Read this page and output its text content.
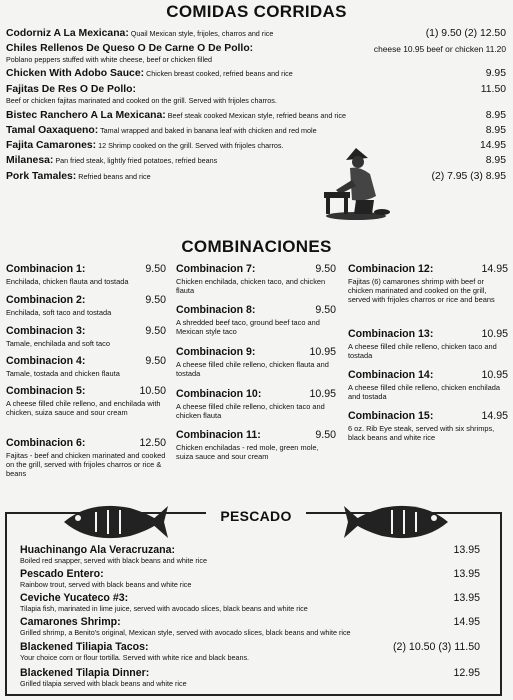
COMIDAS CORRIDAS
Codorniz A La Mexicana: Quail Mexican style, frijoles, charros and rice	(1) 9.50 (2) 12.50
Chiles Rellenos De Queso O De Carne O De Pollo:	cheese 10.95 beef or chicken 11.20
Poblano peppers stuffed with white cheese, beef or chicken filled
Chicken With Adobo Sauce: Chicken breast cooked, refried beans and rice	9.95
Fajitas De Res O De Pollo:	11.50
Beef or chicken fajitas marinated and cooked on the grill. Served with frijoles charros.
Bistec Ranchero A La Mexicana: Beef steak cooked Mexican style, refried beans and rice	8.95
Tamal Oaxaqueno: Tamal wrapped and baked in banana leaf with chicken and red mole	8.95
Fajita Camarones: 12 Shrimp cooked on the grill. Served with frijoles charros.	14.95
Milanesa: Pan fried steak, lightly fried potatoes, refried beans	8.95
Pork Tamales: Refried beans and rice	(2) 7.95 (3) 8.95
COMBINACIONES
Combinacion 1:	9.50
Enchilada, chicken flauta and tostada
Combinacion 2:	9.50
Enchilada, soft taco and tostada
Combinacion 3:	9.50
Tamale, enchilada and soft taco
Combinacion 4:	9.50
Tamale, tostada and chicken flauta
Combinacion 5:	10.50
A cheese filled chile relleno, and enchilada with chicken, suiza sauce and sour cream
Combinacion 6:	12.50
Fajitas - beef and chicken marinated and cooked on the grill, served with frijoles charros or rice & beans
Combinacion 7:	9.50
Chicken enchilada, chicken taco, and chicken flauta
Combinacion 8:	9.50
A shredded beef taco, ground beef taco and Mexican style taco
Combinacion 9:	10.95
A cheese filled chile relleno, chicken flauta and tostada
Combinacion 10:	10.95
A cheese filled chile relleno, chicken taco and chicken flauta
Combinacion 11:	9.50
Chicken enchiladas - red mole, green mole, suiza sauce and sour cream
Combinacion 12:	14.95
Fajitas (6) camarones shrimp with beef or chicken marinated and cooked on the grill, served with frijoles charros or rice and beans
Combinacion 13:	10.95
A cheese filled chile relleno, chicken taco and tostada
Combinacion 14:	10.95
A cheese filled chile relleno, chicken enchilada and tostada
Combinacion 15:	14.95
6 oz. Rib Eye steak, served with six shrimps, black beans and white rice
PESCADO
Huachinango Ala Veracruzana:
Boiled red snapper, served with black beans and white rice
13.95
Pescado Entero:
Rainbow trout, served with black beans and white rice
13.95
Ceviche Yucateco #3:
Tilapia fish, marinated in lime juice, served with avocado slices, black beans and white rice
13.95
Camarones Shrimp:
Grilled shrimp, a Benito's original, Mexican style, served with avocado slices, black beans and white rice
14.95
Blackened Tiliapia Tacos:
Your choice corn or flour tortilla. Served with white rice and black beans.
(2) 10.50 (3) 11.50
Blackened Tilapia Dinner:
Grilled tilapia served with black beans and white rice
12.95
